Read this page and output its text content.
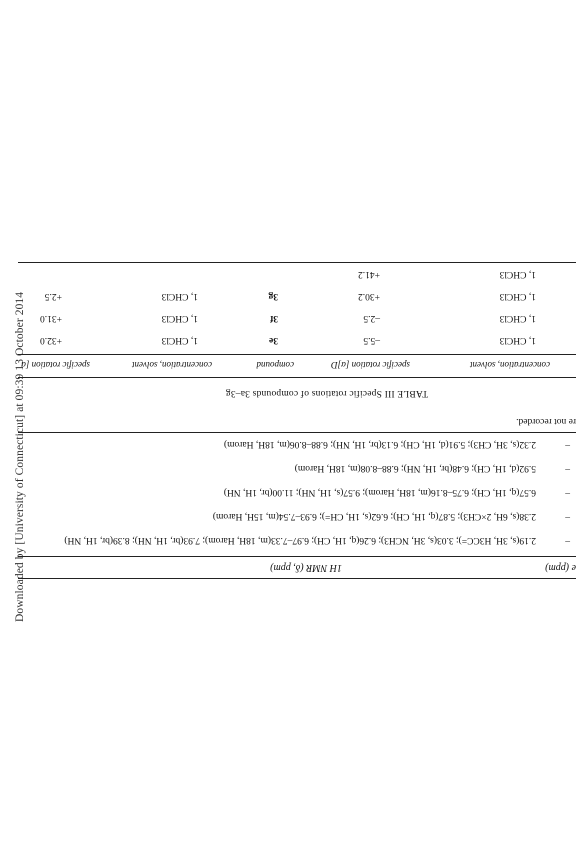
Downloaded by [University of Connecticut] at 09:39 13 October 2014	e (ppm)
1H NMR (δ, ppm)
–
2.19(s, 3H, H3CC=); 3.03(s, 3H, NCH3); 6.26(q, 1H, CH); 6.97–7.33(m, 18H, Harom); 7.93(br, 1H, NH); 8.39(br, 1H, NH)
–
2.38(s, 6H, 2×CH3); 5.87(q, 1H, CH); 6.62(s, 1H, CH=); 6.93–7.54(m, 15H, Harom)
–
6.57(q, 1H, CH); 6.75–8.16(m, 18H, Harom); 9.57(s, 1H, NH); 11.00(br, 1H, NH)
–
5.92(d, 1H, CH); 6.48(br, 1H, NH); 6.88–8.08(m, 18H, Harom)
–
2.32(s, 3H, CH3); 5.91(d, 1H, CH); 6.13(br, 1H, NH); 6.88–8.06(m, 18H, Harom)
re not recorded.
TABLE III Specific rotations of compounds 3a–3g
concentration, solvent
specific rotation [α]D
compound
concentration, solvent
specific rotation [α
1, CHCl3
–5.5
1, CHCl3
–2.5
1, CHCl3
+30.2
1, CHCl3
+41.2
3e
1, CHCl3
+32.0
3f
1, CHCl3
+31.0
3g
1, CHCl3
+2.5
